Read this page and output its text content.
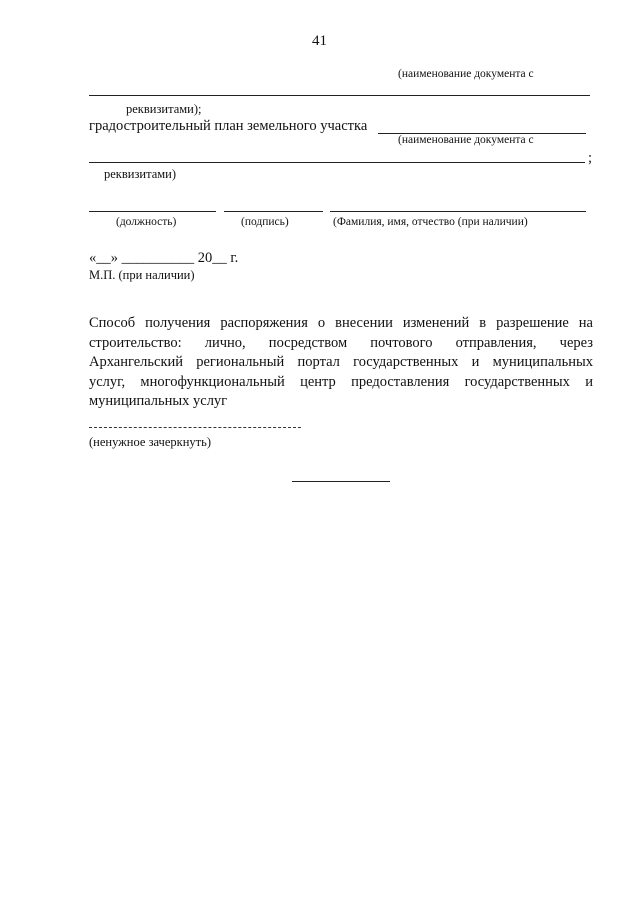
41
(наименование документа с
реквизитами);
градостроительный план земельного участка
(наименование документа с
;
реквизитами)
(должность)	(подпись)	(Фамилия, имя, отчество (при наличии)
«__» __________ 20__ г.
М.П. (при наличии)
Способ получения распоряжения о внесении изменений в разрешение на
строительство: лично, посредством почтового отправления, через
Архангельский региональный портал государственных и муниципальных
услуг, многофункциональный центр предоставления государственных и
муниципальных услуг
(ненужное зачеркнуть)
